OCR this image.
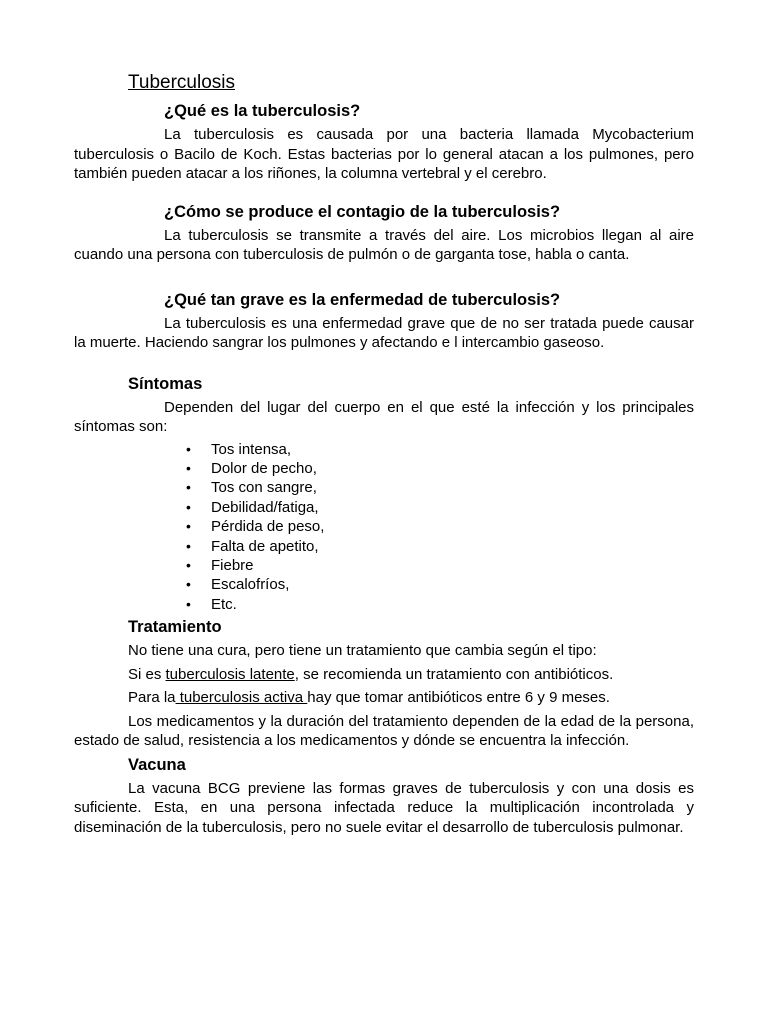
Tuberculosis
¿Qué es la tuberculosis?

La tuberculosis es causada por una bacteria llamada Mycobacterium tuberculosis o Bacilo de Koch. Estas bacterias por lo general atacan a los pulmones, pero también pueden atacar a los riñones, la columna vertebral y el cerebro.

¿Cómo se produce el contagio de la tuberculosis?

La tuberculosis se transmite a través del aire. Los microbios llegan al aire cuando una persona con tuberculosis de pulmón o de garganta tose, habla o canta.

¿Qué tan grave es la enfermedad de tuberculosis?

La tuberculosis es una enfermedad grave que de no ser tratada puede causar la muerte. Haciendo sangrar los pulmones y afectando e l intercambio gaseoso.

Síntomas

Dependen del lugar del cuerpo en el que esté la infección y los principales síntomas son:

• Tos intensa,
• Dolor de pecho,
• Tos con sangre,
• Debilidad/fatiga,
• Pérdida de peso,
• Falta de apetito,
• Fiebre
• Escalofríos,
• Etc.
Tratamiento

No tiene una cura, pero tiene un tratamiento que cambia según el tipo:

Si es tuberculosis latente, se recomienda un tratamiento con antibióticos.

Para la tuberculosis activa hay que tomar antibióticos entre 6 y 9 meses.

Los medicamentos y la duración del tratamiento dependen de la edad de la persona, estado de salud, resistencia a los medicamentos y dónde se encuentra la infección.

Vacuna

La vacuna BCG previene las formas graves de tuberculosis y con una dosis es suficiente. Esta, en una persona infectada reduce la multiplicación incontrolada y diseminación de la tuberculosis, pero no suele evitar el desarrollo de tuberculosis pulmonar.
